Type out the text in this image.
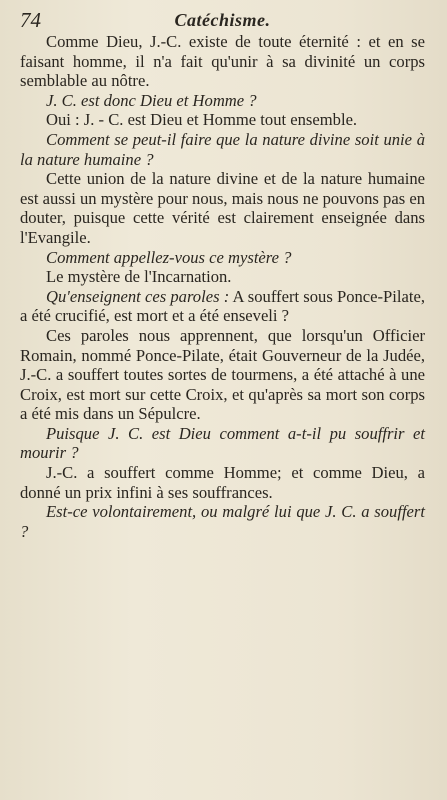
74	Catéchisme.

Comme Dieu, J.-C. existe de toute éternité : et en se faisant homme, il n'a fait qu'unir à sa divinité un corps semblable au nôtre.

J. C. est donc Dieu et Homme ?

Oui : J. - C. est Dieu et Homme tout ensemble.

Comment se peut-il faire que la nature divine soit unie à la nature humaine ?

Cette union de la nature divine et de la nature humaine est aussi un mystère pour nous, mais nous ne pouvons pas en douter, puisque cette vérité est clairement enseignée dans l'Evangile.

Comment appellez-vous ce mystère ?

Le mystère de l'Incarnation.

Qu'enseignent ces paroles : A souffert sous Ponce-Pilate, a été crucifié, est mort et a été enseveli ?

Ces paroles nous apprennent, que lorsqu'un Officier Romain, nommé Ponce-Pilate, était Gouverneur de la Judée, J.-C. a souffert toutes sortes de tourmens, a été attaché à une Croix, est mort sur cette Croix, et qu'après sa mort son corps a été mis dans un Sépulcre.

Puisque J. C. est Dieu comment a-t-il pu souffrir et mourir ?

J.-C. a souffert comme Homme; et comme Dieu, a donné un prix infini à ses souffrances.

Est-ce volontairement, ou malgré lui que J. C. a souffert ?
